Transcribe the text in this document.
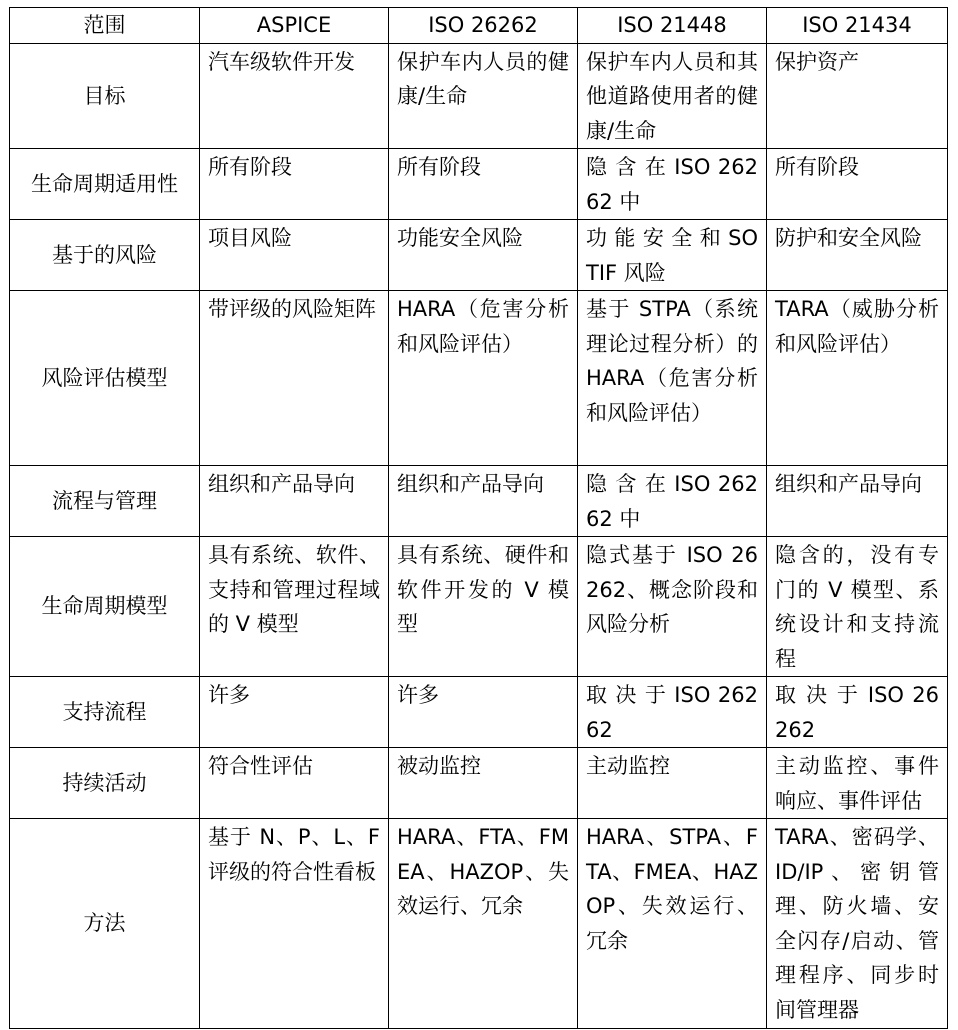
范围	ASPICE	ISO 26262	ISO 21448	ISO 21434
目标	汽车级软件开发	保护车内人员的健康/生命	保护车内人员和其他道路使用者的健康/生命	保护资产
生命周期适用性	所有阶段	所有阶段	隐 含 在 ISO 26262 中	所有阶段
基于的风险	项目风险	功能安全风险	功 能 安 全 和 SOTIF 风险	防护和安全风险
风险评估模型	带评级的风险矩阵	HARA（危害分析和风险评估）	基于 STPA（系统理论过程分析）的 HARA（危害分析和风险评估）	TARA（威胁分析和风险评估）
流程与管理	组织和产品导向	组织和产品导向	隐 含 在 ISO 26262 中	组织和产品导向
生命周期模型	具有系统、软件、支持和管理过程域的 V 模型	具有系统、硬件和软件开发的 V 模型	隐式基于 ISO 26262、概念阶段和风险分析	隐含的，没有专门的 V 模型、系统设计和支持流程
支持流程	许多	许多	取 决 于 ISO 26262	取 决 于 ISO 26262
持续活动	符合性评估	被动监控	主动监控	主动监控、事件响应、事件评估
方法	基于 N、P、L、F 评级的符合性看板	HARA、FTA、FMEA、HAZOP、失效运行、冗余	HARA、STPA、FTA、FMEA、HAZOP、失效运行、冗余	TARA、密码学、ID/IP、密钥管理、防火墙、安全闪存/启动、管理程序、同步时间管理器
